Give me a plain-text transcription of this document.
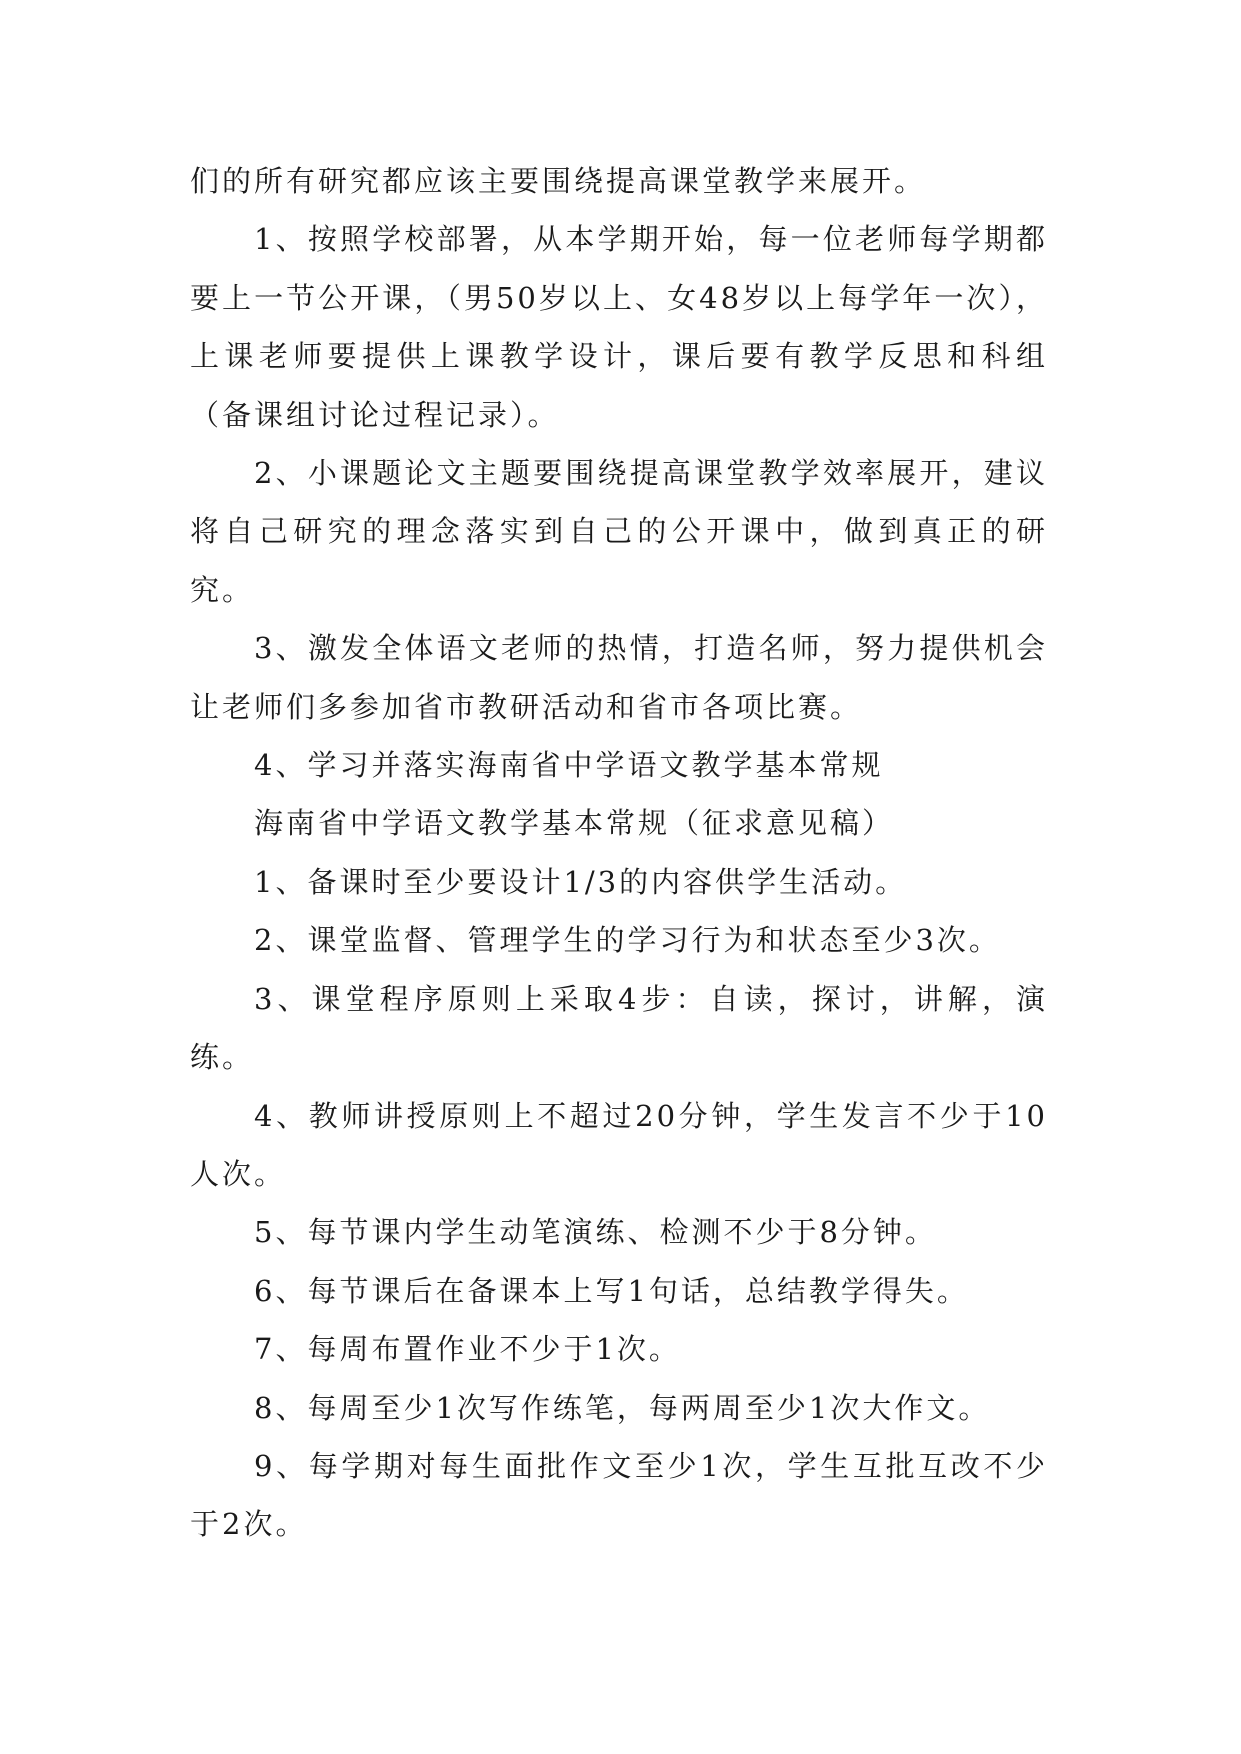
们的所有研究都应该主要围绕提高课堂教学来展开。

1、按照学校部署，从本学期开始，每一位老师每学期都要上一节公开课，（男50岁以上、女48岁以上每学年一次），上课老师要提供上课教学设计，课后要有教学反思和科组（备课组讨论过程记录）。

2、小课题论文主题要围绕提高课堂教学效率展开，建议将自己研究的理念落实到自己的公开课中，做到真正的研究。

3、激发全体语文老师的热情，打造名师，努力提供机会让老师们多参加省市教研活动和省市各项比赛。

4、学习并落实海南省中学语文教学基本常规

海南省中学语文教学基本常规（征求意见稿）

1、备课时至少要设计1/3的内容供学生活动。

2、课堂监督、管理学生的学习行为和状态至少3次。

3、课堂程序原则上采取4步：自读，探讨，讲解，演练。

4、教师讲授原则上不超过20分钟，学生发言不少于10人次。

5、每节课内学生动笔演练、检测不少于8分钟。

6、每节课后在备课本上写1句话，总结教学得失。

7、每周布置作业不少于1次。

8、每周至少1次写作练笔，每两周至少1次大作文。

9、每学期对每生面批作文至少1次，学生互批互改不少于2次。
